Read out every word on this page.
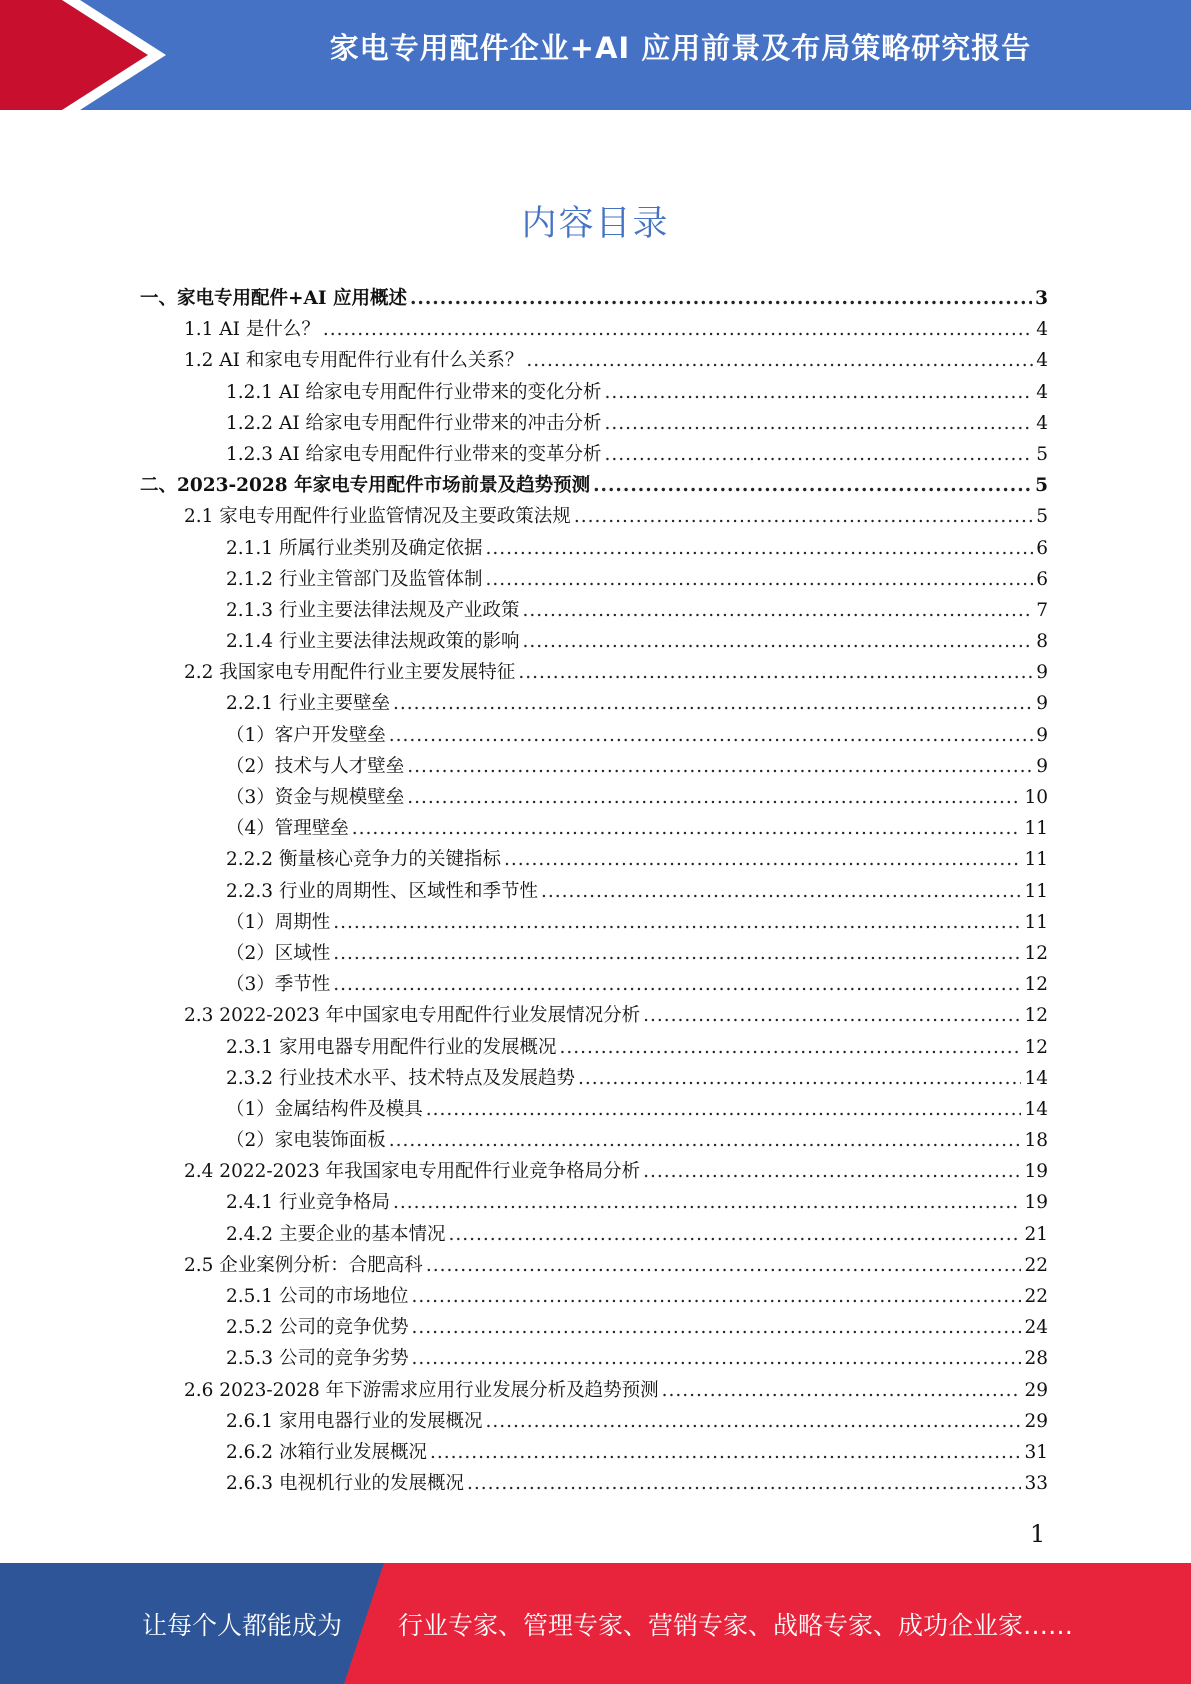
家电专用配件企业+AI 应用前景及布局策略研究报告
内容目录
一、家电专用配件+AI 应用概述 .....	3
1.1 AI 是什么？ .....	4
1.2 AI 和家电专用配件行业有什么关系？ .....	4
1.2.1 AI 给家电专用配件行业带来的变化分析 .....	4
1.2.2 AI 给家电专用配件行业带来的冲击分析 .....	4
1.2.3 AI 给家电专用配件行业带来的变革分析 .....	5
二、2023-2028 年家电专用配件市场前景及趋势预测 .....	5
2.1 家电专用配件行业监管情况及主要政策法规 .....	5
2.1.1 所属行业类别及确定依据 .....	6
2.1.2 行业主管部门及监管体制 .....	6
2.1.3 行业主要法律法规及产业政策 .....	7
2.1.4 行业主要法律法规政策的影响 .....	8
2.2 我国家电专用配件行业主要发展特征 .....	9
2.2.1 行业主要壁垒 .....	9
（1）客户开发壁垒 .....	9
（2）技术与人才壁垒 .....	9
（3）资金与规模壁垒 .....	10
（4）管理壁垒 .....	11
2.2.2 衡量核心竞争力的关键指标 .....	11
2.2.3 行业的周期性、区域性和季节性 .....	11
（1）周期性 .....	11
（2）区域性 .....	12
（3）季节性 .....	12
2.3 2022-2023 年中国家电专用配件行业发展情况分析 .....	12
2.3.1 家用电器专用配件行业的发展概况 .....	12
2.3.2 行业技术水平、技术特点及发展趋势 .....	14
（1）金属结构件及模具 .....	14
（2）家电装饰面板 .....	18
2.4 2022-2023 年我国家电专用配件行业竞争格局分析 .....	19
2.4.1 行业竞争格局 .....	19
2.4.2 主要企业的基本情况 .....	21
2.5 企业案例分析：合肥高科 .....	22
2.5.1 公司的市场地位 .....	22
2.5.2 公司的竞争优势 .....	24
2.5.3 公司的竞争劣势 .....	28
2.6 2023-2028 年下游需求应用行业发展分析及趋势预测 .....	29
2.6.1 家用电器行业的发展概况 .....	29
2.6.2 冰箱行业发展概况 .....	31
2.6.3 电视机行业的发展概况 .....	33
1
让每个人都能成为 行业专家、管理专家、营销专家、战略专家、成功企业家……
